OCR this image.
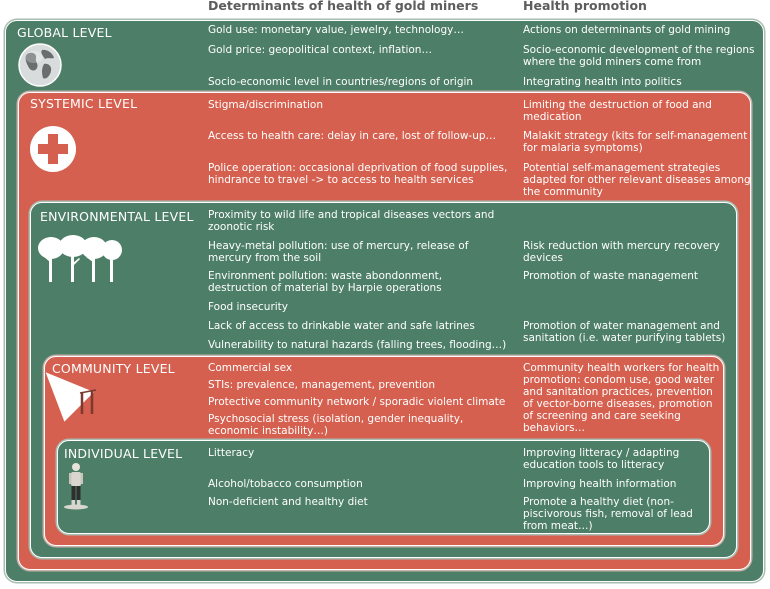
Determinants of health of gold miners	Health promotion
GLOBAL LEVEL
SYSTEMIC LEVEL
ENVIRONMENTAL LEVEL
COMMUNITY LEVEL
INDIVIDUAL LEVEL
Gold use: monetary value, jewelry, technology…
Gold price: geopolitical context, inflation…
Socio-economic level in countries/regions of origin
Actions on determinants of gold mining
Socio-economic development of the regions
where the gold miners come from
Integrating health into politics
Stigma/discrimination
Access to health care: delay in care, lost of follow-up…
Police operation: occasional deprivation of food supplies,
hindrance to travel -> to access to health services
Limiting the destruction of food and
medication
Malakit strategy (kits for self-management
for malaria symptoms)
Potential self-management strategies
adapted for other relevant diseases among
the community
Proximity to wild life and tropical diseases vectors and
zoonotic risk
Heavy-metal pollution: use of mercury, release of
mercury from the soil
Environment pollution: waste abondonment,
destruction of material by Harpie operations
Food insecurity
Lack of access to drinkable water and safe latrines
Vulnerability to natural hazards (falling trees, flooding…)
Risk reduction with mercury recovery
devices
Promotion of waste management
Promotion of water management and
sanitation (i.e. water purifying tablets)
Commercial sex
STIs: prevalence, management, prevention
Protective community network / sporadic violent climate
Psychosocial stress (isolation, gender inequality,
economic instability…)
Community health workers for health
promotion: condom use, good water
and sanitation practices, prevention
of vector-borne diseases, promotion
of screening and care seeking
behaviors…
Litteracy
Alcohol/tobacco consumption
Non-deficient and healthy diet
Improving litteracy / adapting
education tools to litteracy
Improving health information
Promote a healthy diet (non-
piscivorous fish, removal of lead
from meat…)
